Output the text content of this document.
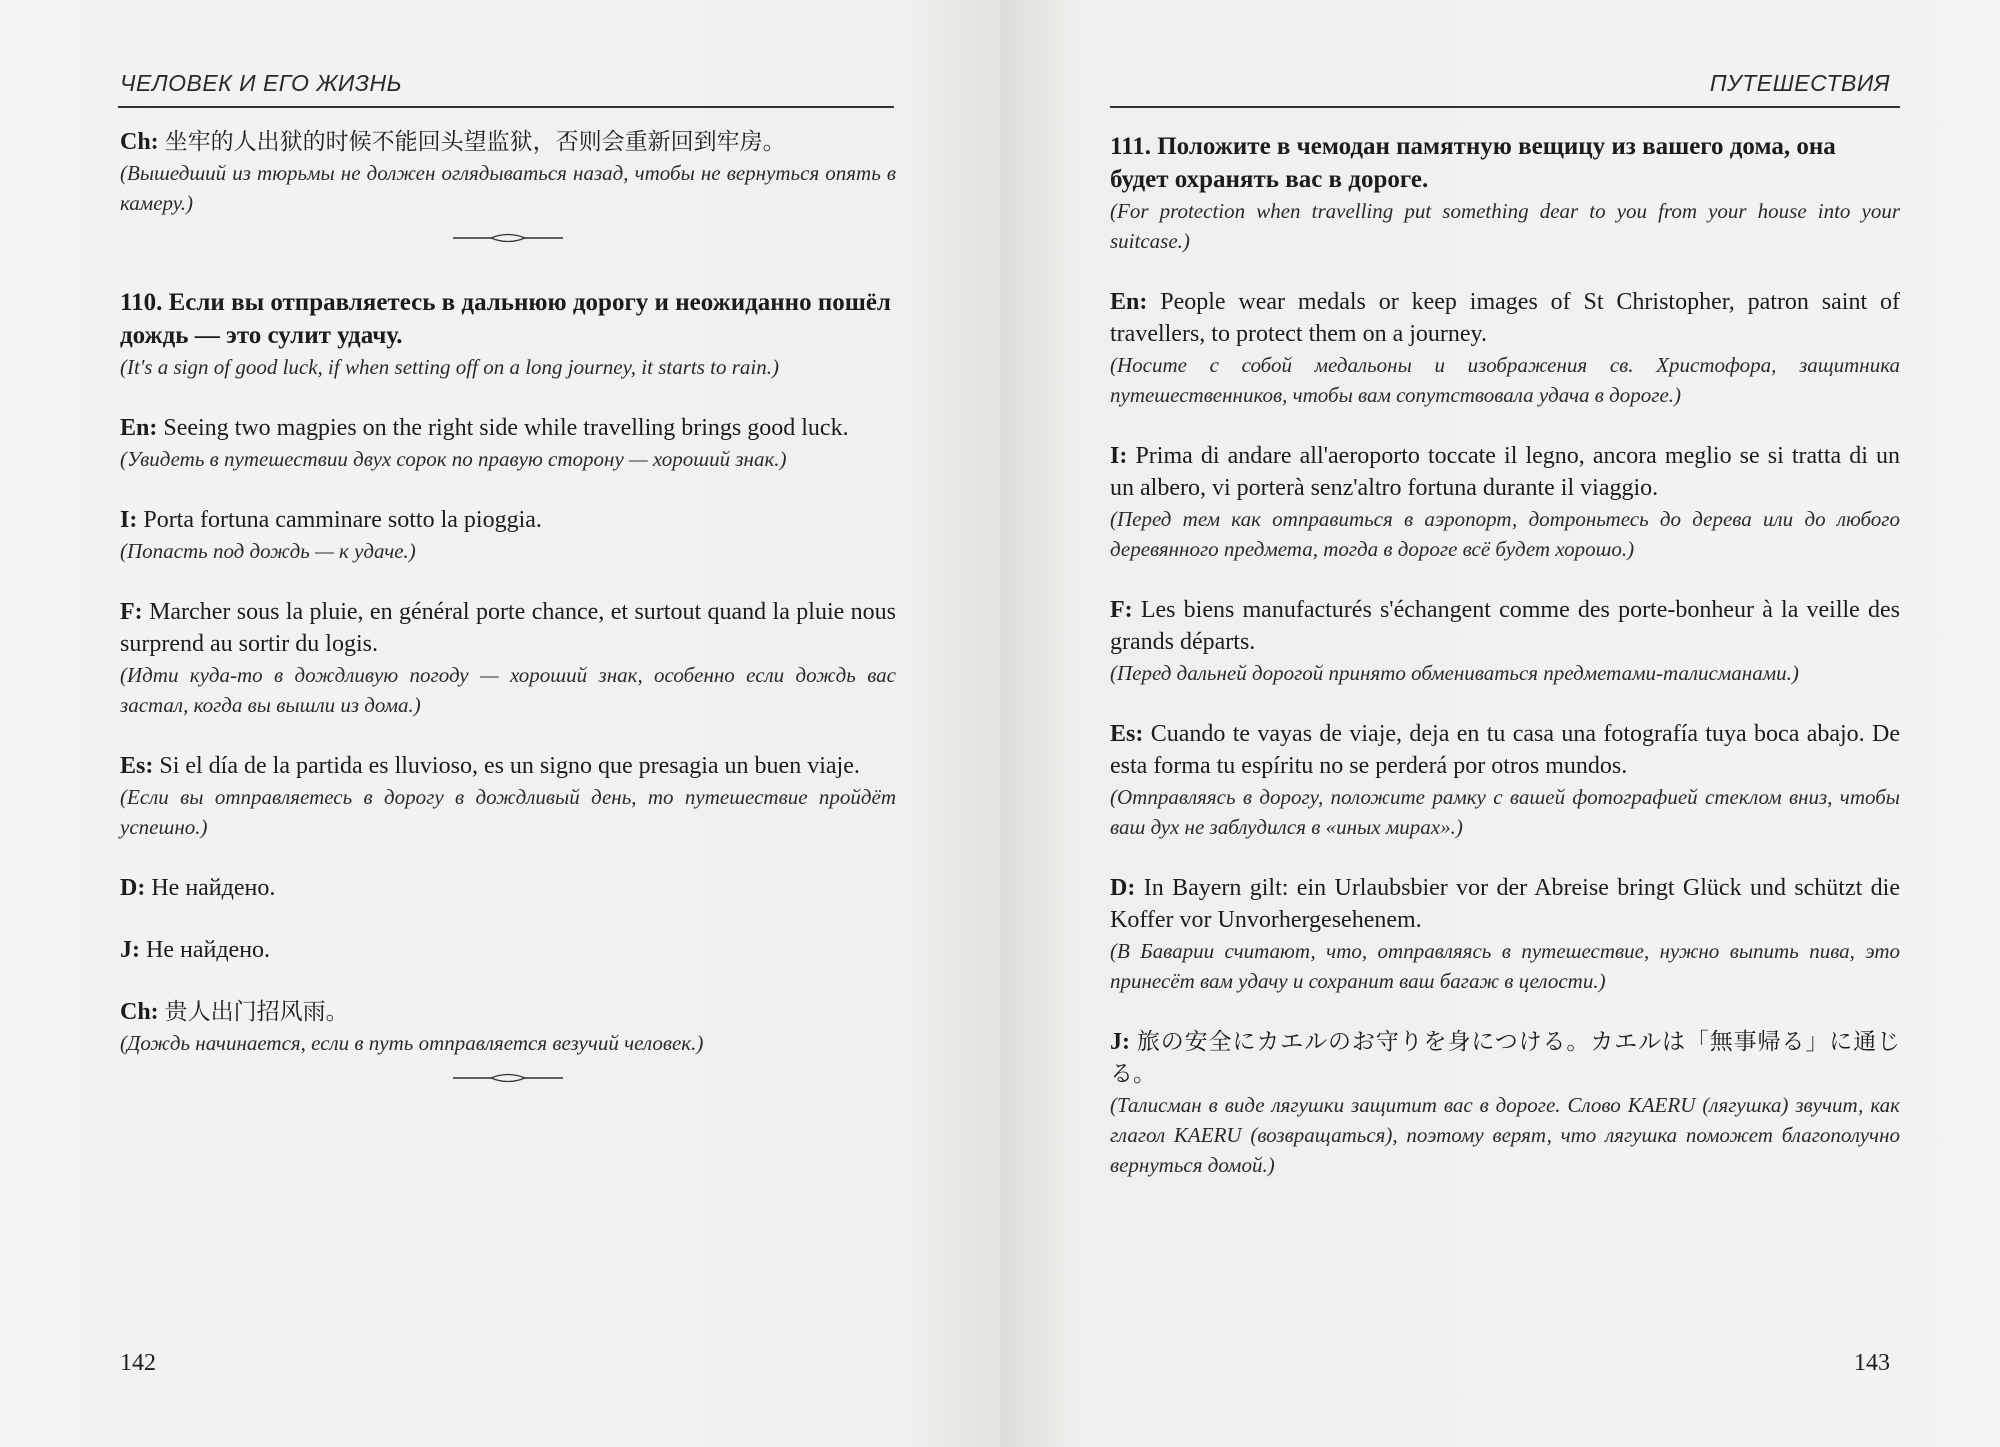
ЧЕЛОВЕК И ЕГО ЖИЗНЬ

Ch: 坐牢的人出狱的时候不能回头望监狱，否则会重新回到牢房。

(Вышедший из тюрьмы не должен оглядываться назад, чтобы не вернуться опять в камеру.)

110. Если вы отправляетесь в дальнюю дорогу и неожиданно пошёл дождь — это сулит удачу.

(It's a sign of good luck, if when setting off on a long journey, it starts to rain.)

En: Seeing two magpies on the right side while travelling brings good luck.

(Увидеть в путешествии двух сорок по правую сторону — хороший знак.)

I: Porta fortuna camminare sotto la pioggia.

(Попасть под дождь — к удаче.)

F: Marcher sous la pluie, en général porte chance, et surtout quand la pluie nous surprend au sortir du logis.

(Идти куда-то в дождливую погоду — хороший знак, особенно если дождь вас застал, когда вы вышли из дома.)

Es: Si el día de la partida es lluvioso, es un signo que presagia un buen viaje.

(Если вы отправляетесь в дорогу в дождливый день, то путешествие пройдёт успешно.)

D: Не найдено.

J: Не найдено.

Ch: 贵人出门招风雨。

(Дождь начинается, если в путь отправляется везучий человек.)

142
ПУТЕШЕСТВИЯ

111. Положите в чемодан памятную вещицу из вашего дома, она будет охранять вас в дороге.

(For protection when travelling put something dear to you from your house into your suitcase.)

En: People wear medals or keep images of St Christopher, patron saint of travellers, to protect them on a journey.

(Носите с собой медальоны и изображения св. Христофора, защитника путешественников, чтобы вам сопутствовала удача в дороге.)

I: Prima di andare all'aeroporto toccate il legno, ancora meglio se si tratta di un un albero, vi porterà senz'altro fortuna durante il viaggio.

(Перед тем как отправиться в аэропорт, дотроньтесь до дерева или до любого деревянного предмета, тогда в дороге всё будет хорошо.)

F: Les biens manufacturés s'échangent comme des porte-bonheur à la veille des grands départs.

(Перед дальней дорогой принято обмениваться предметами-талисманами.)

Es: Cuando te vayas de viaje, deja en tu casa una fotografía tuya boca abajo. De esta forma tu espíritu no se perderá por otros mundos.

(Отправляясь в дорогу, положите рамку с вашей фотографией стеклом вниз, чтобы ваш дух не заблудился в «иных мирах».)

D: In Bayern gilt: ein Urlaubsbier vor der Abreise bringt Glück und schützt die Koffer vor Unvorhergesehenem.

(В Баварии считают, что, отправляясь в путешествие, нужно выпить пива, это принесёт вам удачу и сохранит ваш багаж в целости.)

J: 旅の安全にカエルのお守りを身につける。カエルは「無事帰る」に通じる。

(Талисман в виде лягушки защитит вас в дороге. Слово KAERU (лягушка) звучит, как глагол KAERU (возвращаться), поэтому верят, что лягушка поможет благополучно вернуться домой.)

143
